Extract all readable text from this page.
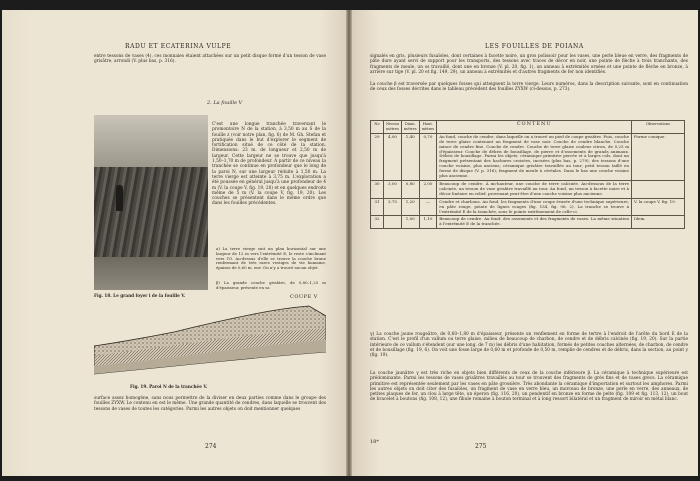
RADU ET ECATERINA VULPE

entre tessons de vases (4), ces monnaies étaient attachées sur un petit disque formé d'un tesson de vase grisâtre, arrondi (V. plus bas, p. 316).

2. La fouille V
Fig. 18. Le grand foyer i de la fouille V.

C'est une longue tranchée traversant le promontoire N de la station, à 3,50 m au S de la fouille z (voir notre plan, fig. 6) de M. Gh. Stefan et pratiquée dans le but d'explorer le segment de fortification situé de ce côté de la station. Dimensions: 23 m. de longueur et 2,50 m de largeur. Cette largeur ne se trouve que jusqu'à 1,50–1,70 m de profondeur. À partir de ce niveau la tranchée se continue en profondeur que le long de la paroi N, sur une largeur réduite à 1,50 m. La terre vierge est atteinte à 3,75 m. L'exploration a été poussée en général jusqu'à une profondeur de 4 m (V. la coupe V, fig. 19, 20) et en quelques endroits même de 5 m (V. la coupe V, fig. 19, 20). Les couches se présentent dans le même ordre que dans les fouilles précédentes.

a) La terre vierge suit un plan horizontal sur une largeur de 12 m vers l'extrémité E, le reste s'inclinant vers l'O. Au-dessus d'elle se trouve la couche brune renfermant de très rares vestiges de vie humaine, épaisse de 0,60 m. env. On n'y a trouvé aucun objet.

β) La grande couche grisâtre, de 0,80–1,25 m d'épaisseur, présente en sa

COUPE V
Fig. 19. Paroi N de la tranchée V.

surface assez homogène, sans nous permettre de la diviser en deux parties comme dans le groupe des fouilles ZYXW. Le contenu en est le même. Une grande quantité de cendres, dans laquelle se trouvent des tessons de vases de toutes les catégories. Parmi les autres objets on doit mentionner quelques

274
LES FOUILLES DE POIANA

signalés en gris, plusieurs fusaïoles, dont certaines à facette noire, un gros polissoir pour les vases, une perle bleue en verre, des fragments de pâte dure ayant servi de support pour les transports, des tessons avec traces de décor en noir, une pointe de flèche à trois tranchants, des fragments de meule, un os travaillé, dont une en bronze (V. pl. 20, fig. 1), un anneau à extrémités ornées et une pointe de flèche en bronze, à arrière sur tige (V. pl. 20 et fig. 149, 29), un anneau à extrémités et d'autres fragments de fer non identifiés.

La couche β est traversée par quelques fosses qui atteignent la terre vierge. Leurs numéros, dans la description suivante, sont en continuation de ceux des fosses décrites dans le tableau précédent des fouilles ZYXW (ci-dessus, p. 273).

γ) La couche jaune rougeâtre, de 0,60–1,80 m d'épaisseur, présente un renflement en forme de tertre à l'endroit de l'arête du bord E de la station. C'est le profil d'un vallum ou terre glaise, milieu de beaucoup de charbon, de cendre et de débris calcinés (fig. 19, 20). Sur la partie intérieure de ce vallum s'étendent (sur une long. de 7 m) les débris d'une habitation, formés de petites couches alternées, de charbon, de cendre et de bousillage (fig. 19, 6). On voit une fosse large de 0,60 m et profonde de 0,50 m, remplie de cendres et de débris, dans la section, au point y (fig. 19).

La couche jaunâtre γ est très riche en objets bien différents de ceux de la couche inférieure β. La céramique à technique supérieure est prédominante. Parmi les tessons de vases grisâtres travaillés au tour se trouvent des fragments de grès fins et de vases grecs. La céramique primitive est représentée seulement par les vases en pâte grossière. Très abondante la céramique d'importation et surtout les amphores. Parmi les autres objets on doit citer des fusaïoles, un fragment de vase en verre bleu, un morceau de bronze, une perle en verre, des anneaux, de petites plaques de fer, un clou à large tête, un éperon (fig. 116, 20), un pendentif en bronze en forme de pelte (fig. 109 et fig. 113, 12), un bout de bracelet à boutons (fig. 108, 12), une fibule romaine à bouton terminal et à long ressort bilatéral et un fragment de miroir en métal blanc.

18*
275
No	Niveau mètres	Diam. mètres	Haut. mètres	CONTENU	Observations
29	4,00	1,40	0,70	Au fond, couche de cendre, dans laquelle on a trouvé un pied de coupe grisâtre. Puis, couche de terre glaise contenant un fragment de vase noir. Couche de cendre blanche. Couche mince de cendre fine. Couche de cendre. Couche de terre glaise couleur citron, de 0,25 m d'épaisseur. Couche de débris de bousillage, de pierre et d'ossements de grands animaux. Débris de bousillage. Parmi les objets: céramique primitive percée et à larges cols, dont un fragment présentant des hachures croisées, incisées (plus bas, p. 279), des tessons d'une couche voisine, plus anciens; céramique grisâtre travaillée au tour; petit tesson taillé en forme de disque (V. p. 316); fragment de meule à céréales. Dans le bas une couche voisine plus ancienne.	Forme conique.
30	3,00	0,80	2,00	Beaucoup de cendre. À mi-hauteur, une couche de terre calcinée. Au-dessous de la terre calcinée, un tesson de vase grisâtre travaillé au tour. Au fond, un tesson à facette noire et à décor linéaire en relief, provenant peut-être d'une couche voisine plus ancienne.	
31	3,75	1,20	—	Cendre et charbons. Au fond, les fragments d'une coupe évasée d'une technique supérieure, en pâte rouge, peinte de lignes rouges (fig. 154, fig. 96, 2). La tranche se trouve à l'extrémité E de la tranchée, sous le pointe extrêmement de celle-ci.	V. la coupe V, fig. 19.
32		1,00	1,10	Beaucoup de cendre. Au fond: des ossements et des fragments de vases. La même situation à l'extrémité E de la tranchée.	Idem.
